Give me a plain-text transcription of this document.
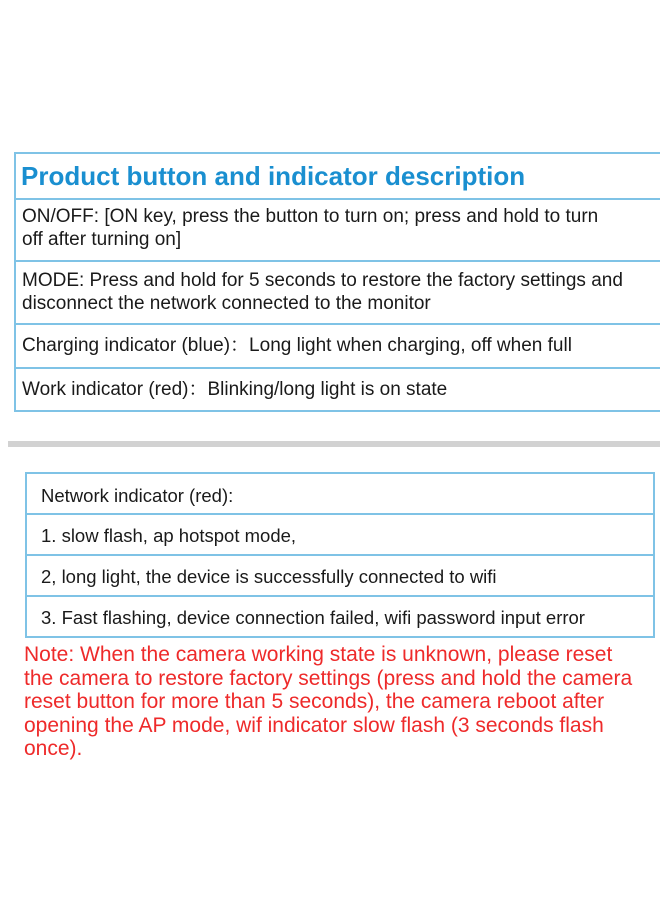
Product button and indicator description
ON/OFF: [ON key, press the button to turn on; press and hold to turn
off after turning on]
MODE: Press and hold for 5 seconds to restore the factory settings and
disconnect the network connected to the monitor
Charging indicator (blue)：Long light when charging, off when full
Work indicator (red)：Blinking/long light is on state
Network indicator (red):
1. slow flash, ap hotspot mode,
2, long light, the device is successfully connected to wifi
3. Fast flashing, device connection failed, wifi password input error
Note: When the camera working state is unknown, please reset
the camera to restore factory settings (press and hold the camera
reset button for more than 5 seconds), the camera reboot after
opening the AP mode, wif indicator slow flash (3 seconds flash
once).
